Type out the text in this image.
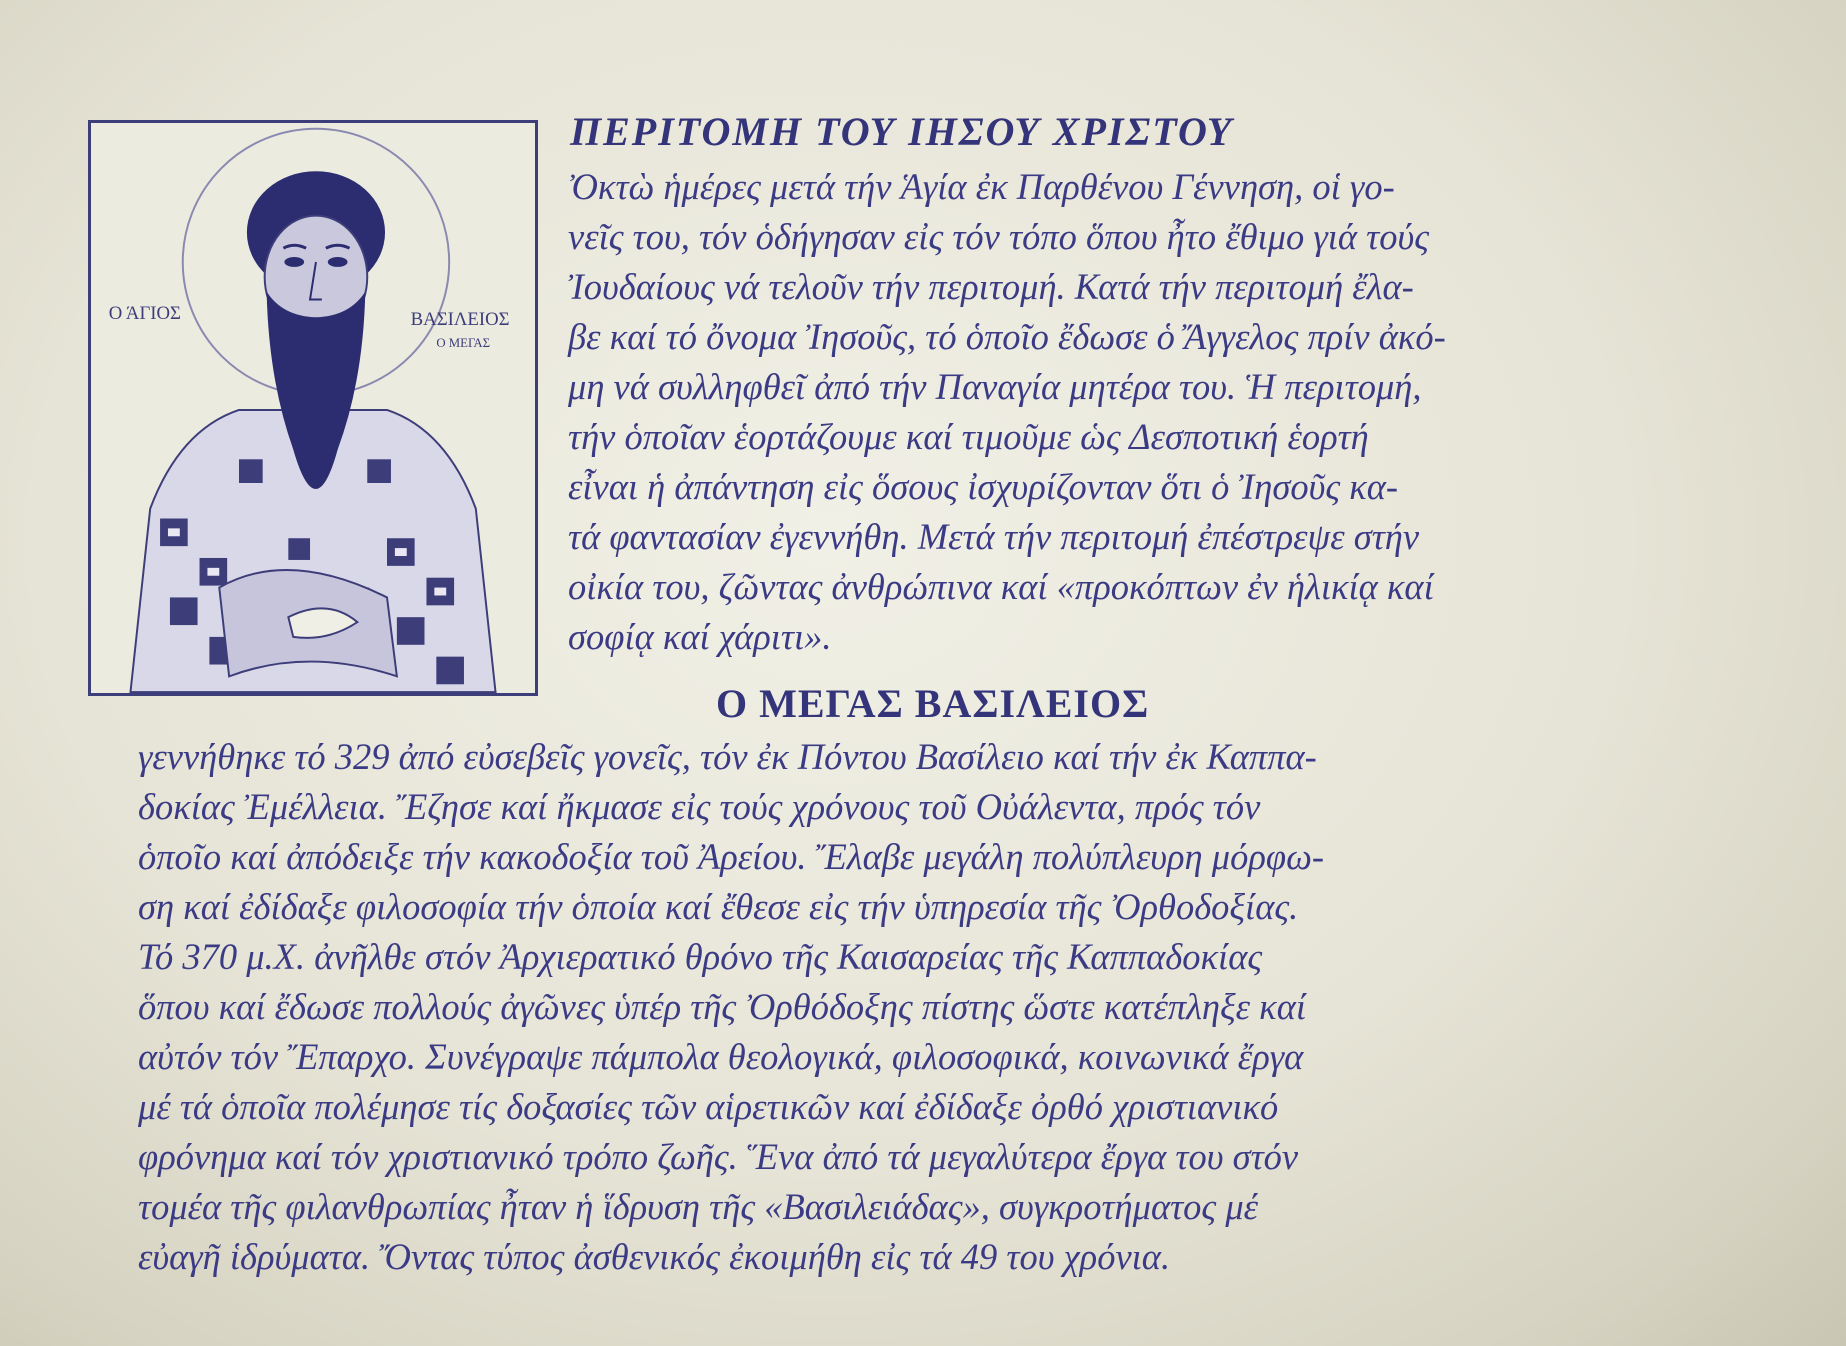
Ο ΆΓΙΟΣ	ΒΑΣΙΛΕΙΟΣ
Ο ΜΕΓΑΣ
ΠΕΡΙΤΟΜΗ ΤΟΥ ΙΗΣΟΥ ΧΡΙΣΤΟΥ
Ὀκτὼ ἡμέρες μετά τήν Ἁγία ἐκ Παρθένου Γέννηση, οἱ γο-
νεῖς του, τόν ὁδήγησαν εἰς τόν τόπο ὅπου ἦτο ἔθιμο γιά τούς
Ἰουδαίους νά τελοῦν τήν περιτομή. Κατά τήν περιτομή ἔλα-
βε καί τό ὄνομα Ἰησοῦς, τό ὁποῖο ἔδωσε ὁ Ἄγγελος πρίν ἀκό-
μη νά συλληφθεῖ ἀπό τήν Παναγία μητέρα του. Ἡ περιτομή,
τήν ὁποῖαν ἑορτάζουμε καί τιμοῦμε ὡς Δεσποτική ἑορτή
εἶναι ἡ ἀπάντηση εἰς ὅσους ἰσχυρίζονταν ὅτι ὁ Ἰησοῦς κα-
τά φαντασίαν ἐγεννήθη. Μετά τήν περιτομή ἐπέστρεψε στήν
οἰκία του, ζῶντας ἀνθρώπινα καί «προκόπτων ἐν ἡλικίᾳ καί
σοφίᾳ καί χάριτι».
Ο ΜΕΓΑΣ ΒΑΣΙΛΕΙΟΣ
γεννήθηκε τό 329 ἀπό εὐσεβεῖς γονεῖς, τόν ἐκ Πόντου Βασίλειο καί τήν ἐκ Καππα-
δοκίας Ἐμέλλεια. Ἔζησε καί ἤκμασε εἰς τούς χρόνους τοῦ Οὐάλεντα, πρός τόν
ὁποῖο καί ἀπόδειξε τήν κακοδοξία τοῦ Ἀρείου. Ἔλαβε μεγάλη πολύπλευρη μόρφω-
ση καί ἐδίδαξε φιλοσοφία τήν ὁποία καί ἔθεσε εἰς τήν ὑπηρεσία τῆς Ὀρθοδοξίας.
Τό 370 μ.Χ. ἀνῆλθε στόν Ἀρχιερατικό θρόνο τῆς Καισαρείας τῆς Καππαδοκίας
ὅπου καί ἔδωσε πολλούς ἀγῶνες ὑπέρ τῆς Ὀρθόδοξης πίστης ὥστε κατέπληξε καί
αὐτόν τόν Ἔπαρχο. Συνέγραψε πάμπολα θεολογικά, φιλοσοφικά, κοινωνικά ἔργα
μέ τά ὁποῖα πολέμησε τίς δοξασίες τῶν αἱρετικῶν καί ἐδίδαξε ὀρθό χριστιανικό
φρόνημα καί τόν χριστιανικό τρόπο ζωῆς. Ἕνα ἀπό τά μεγαλύτερα ἔργα του στόν
τομέα τῆς φιλανθρωπίας ἦταν ἡ ἵδρυση τῆς «Βασιλειάδας», συγκροτήματος μέ
εὐαγῆ ἱδρύματα. Ὄντας τύπος ἀσθενικός ἐκοιμήθη εἰς τά 49 του χρόνια.
